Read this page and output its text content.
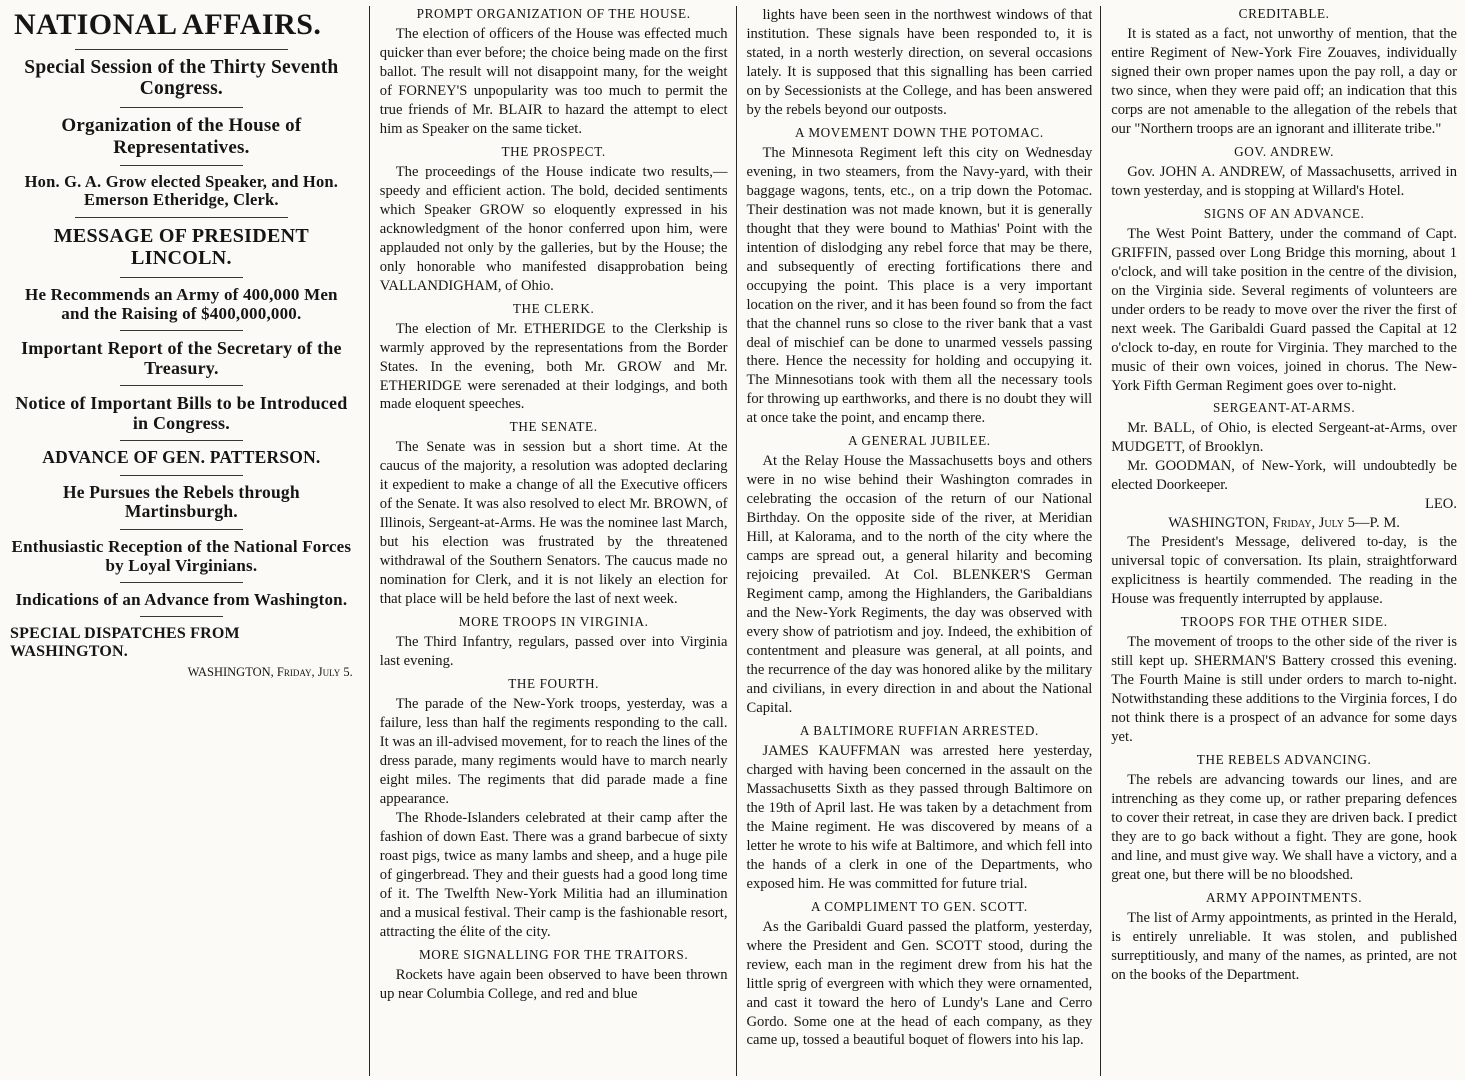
NATIONAL AFFAIRS.
Special Session of the Thirty Seventh Congress.
Organization of the House of Representatives.
Hon. G. A. Grow elected Speaker, and Hon. Emerson Etheridge, Clerk.
MESSAGE OF PRESIDENT LINCOLN.
He Recommends an Army of 400,000 Men and the Raising of $400,000,000.
Important Report of the Secretary of the Treasury.
Notice of Important Bills to be Introduced in Congress.
ADVANCE OF GEN. PATTERSON.
He Pursues the Rebels through Martinsburgh.
Enthusiastic Reception of the National Forces by Loyal Virginians.
Indications of an Advance from Washington.
SPECIAL DISPATCHES FROM WASHINGTON.
WASHINGTON, Friday, July 5.
PROMPT ORGANIZATION OF THE HOUSE.

The election of officers of the House was effected much quicker than ever before; the choice being made on the first ballot. The result will not disappoint many, for the weight of FORNEY'S unpopularity was too much to permit the true friends of Mr. BLAIR to hazard the attempt to elect him as Speaker on the same ticket.

THE PROSPECT.

The proceedings of the House indicate two results,—speedy and efficient action. The bold, decided sentiments which Speaker GROW so eloquently expressed in his acknowledgment of the honor conferred upon him, were applauded not only by the galleries, but by the House; the only honorable who manifested disapprobation being VALLANDIGHAM, of Ohio.

THE CLERK.

The election of Mr. ETHERIDGE to the Clerkship is warmly approved by the representations from the Border States. In the evening, both Mr. GROW and Mr. ETHERIDGE were serenaded at their lodgings, and both made eloquent speeches.

THE SENATE.

The Senate was in session but a short time. At the caucus of the majority, a resolution was adopted declaring it expedient to make a change of all the Executive officers of the Senate. It was also resolved to elect Mr. BROWN, of Illinois, Sergeant-at-Arms. He was the nominee last March, but his election was frustrated by the threatened withdrawal of the Southern Senators. The caucus made no nomination for Clerk, and it is not likely an election for that place will be held before the last of next week.

MORE TROOPS IN VIRGINIA.

The Third Infantry, regulars, passed over into Virginia last evening.

THE FOURTH.

The parade of the New-York troops, yesterday, was a failure, less than half the regiments responding to the call. It was an ill-advised movement, for to reach the lines of the dress parade, many regiments would have to march nearly eight miles. The regiments that did parade made a fine appearance.

The Rhode-Islanders celebrated at their camp after the fashion of down East. There was a grand barbecue of sixty roast pigs, twice as many lambs and sheep, and a huge pile of gingerbread. They and their guests had a good long time of it. The Twelfth New-York Militia had an illumination and a musical festival. Their camp is the fashionable resort, attracting the élite of the city.

MORE SIGNALLING FOR THE TRAITORS.

Rockets have again been observed to have been thrown up near Columbia College, and red and blue

lights have been seen in the northwest windows of that institution. These signals have been responded to, it is stated, in a north westerly direction, on several occasions lately. It is supposed that this signalling has been carried on by Secessionists at the College, and has been answered by the rebels beyond our outposts.

A MOVEMENT DOWN THE POTOMAC.

The Minnesota Regiment left this city on Wednesday evening, in two steamers, from the Navy-yard, with their baggage wagons, tents, etc., on a trip down the Potomac. Their destination was not made known, but it is generally thought that they were bound to Mathias' Point with the intention of dislodging any rebel force that may be there, and subsequently of erecting fortifications there and occupying the point. This place is a very important location on the river, and it has been found so from the fact that the channel runs so close to the river bank that a vast deal of mischief can be done to unarmed vessels passing there. Hence the necessity for holding and occupying it. The Minnesotians took with them all the necessary tools for throwing up earthworks, and there is no doubt they will at once take the point, and encamp there.

A GENERAL JUBILEE.

At the Relay House the Massachusetts boys and others were in no wise behind their Washington comrades in celebrating the occasion of the return of our National Birthday. On the opposite side of the river, at Meridian Hill, at Kalorama, and to the north of the city where the camps are spread out, a general hilarity and becoming rejoicing prevailed. At Col. BLENKER'S German Regiment camp, among the Highlanders, the Garibaldians and the New-York Regiments, the day was observed with every show of patriotism and joy. Indeed, the exhibition of contentment and pleasure was general, at all points, and the recurrence of the day was honored alike by the military and civilians, in every direction in and about the National Capital.

A BALTIMORE RUFFIAN ARRESTED.

JAMES KAUFFMAN was arrested here yesterday, charged with having been concerned in the assault on the Massachusetts Sixth as they passed through Baltimore on the 19th of April last. He was taken by a detachment from the Maine regiment. He was discovered by means of a letter he wrote to his wife at Baltimore, and which fell into the hands of a clerk in one of the Departments, who exposed him. He was committed for future trial.

A COMPLIMENT TO GEN. SCOTT.

As the Garibaldi Guard passed the platform, yesterday, where the President and Gen. SCOTT stood, during the review, each man in the regiment drew from his hat the little sprig of evergreen with which they were ornamented, and cast it toward the hero of Lundy's Lane and Cerro Gordo. Some one at the head of each company, as they came up, tossed a beautiful boquet of flowers into his lap.

CREDITABLE.

It is stated as a fact, not unworthy of mention, that the entire Regiment of New-York Fire Zouaves, individually signed their own proper names upon the pay roll, a day or two since, when they were paid off; an indication that this corps are not amenable to the allegation of the rebels that our "Northern troops are an ignorant and illiterate tribe."

GOV. ANDREW.

Gov. JOHN A. ANDREW, of Massachusetts, arrived in town yesterday, and is stopping at Willard's Hotel.

SIGNS OF AN ADVANCE.

The West Point Battery, under the command of Capt. GRIFFIN, passed over Long Bridge this morning, about 1 o'clock, and will take position in the centre of the division, on the Virginia side. Several regiments of volunteers are under orders to be ready to move over the river the first of next week. The Garibaldi Guard passed the Capital at 12 o'clock to-day, en route for Virginia. They marched to the music of their own voices, joined in chorus. The New-York Fifth German Regiment goes over to-night.

SERGEANT-AT-ARMS.

Mr. BALL, of Ohio, is elected Sergeant-at-Arms, over MUDGETT, of Brooklyn.

Mr. GOODMAN, of New-York, will undoubtedly be elected Doorkeeper.

LEO.

WASHINGTON, Friday, July 5—P. M.

The President's Message, delivered to-day, is the universal topic of conversation. Its plain, straightforward explicitness is heartily commended. The reading in the House was frequently interrupted by applause.

TROOPS FOR THE OTHER SIDE.

The movement of troops to the other side of the river is still kept up. SHERMAN'S Battery crossed this evening. The Fourth Maine is still under orders to march to-night. Notwithstanding these additions to the Virginia forces, I do not think there is a prospect of an advance for some days yet.

THE REBELS ADVANCING.

The rebels are advancing towards our lines, and are intrenching as they come up, or rather preparing defences to cover their retreat, in case they are driven back. I predict they are to go back without a fight. They are gone, hook and line, and must give way. We shall have a victory, and a great one, but there will be no bloodshed.

ARMY APPOINTMENTS.

The list of Army appointments, as printed in the Herald, is entirely unreliable. It was stolen, and published surreptitiously, and many of the names, as printed, are not on the books of the Department.
